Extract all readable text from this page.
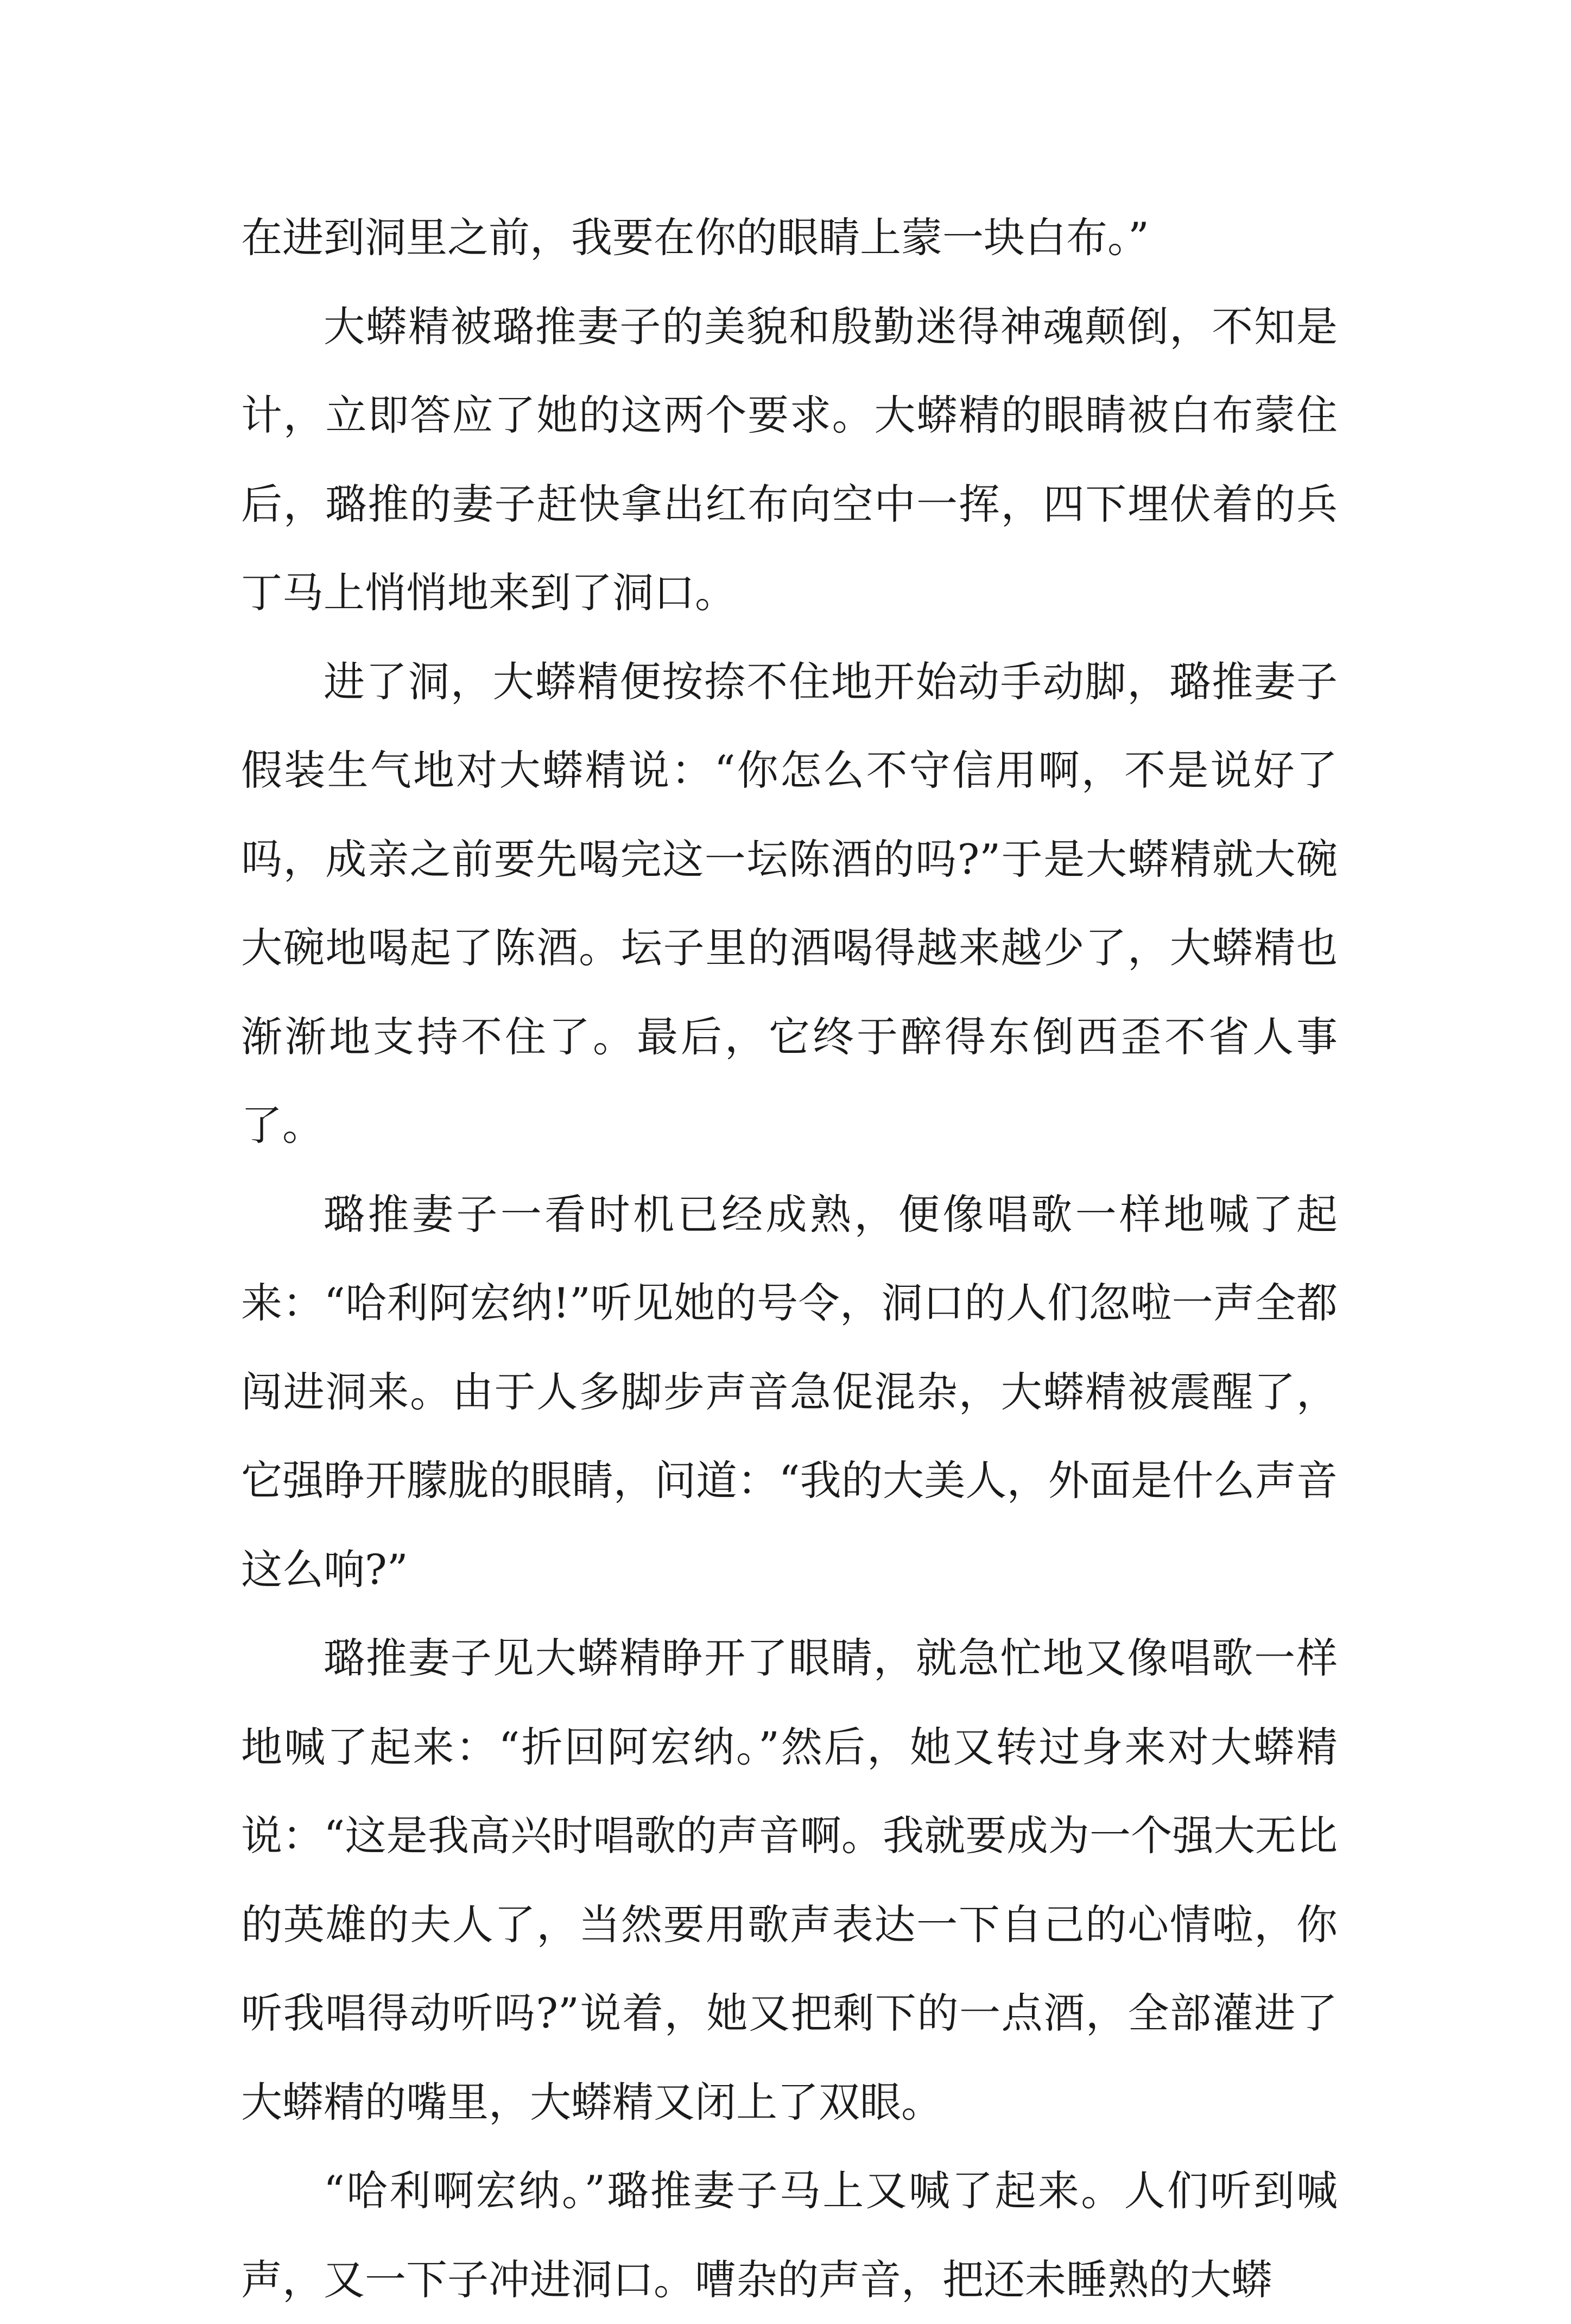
在进到洞里之前，我要在你的眼睛上蒙一块白布。”

大蟒精被璐推妻子的美貌和殷勤迷得神魂颠倒，不知是计，立即答应了她的这两个要求。大蟒精的眼睛被白布蒙住后，璐推的妻子赶快拿出红布向空中一挥，四下埋伏着的兵丁马上悄悄地来到了洞口。

进了洞，大蟒精便按捺不住地开始动手动脚，璐推妻子假装生气地对大蟒精说：“你怎么不守信用啊，不是说好了吗，成亲之前要先喝完这一坛陈酒的吗?”于是大蟒精就大碗大碗地喝起了陈酒。坛子里的酒喝得越来越少了，大蟒精也渐渐地支持不住了。最后，它终于醉得东倒西歪不省人事了。

璐推妻子一看时机已经成熟，便像唱歌一样地喊了起来：“哈利阿宏纳!”听见她的号令，洞口的人们忽啦一声全都闯进洞来。由于人多脚步声音急促混杂，大蟒精被震醒了，它强睁开朦胧的眼睛，问道：“我的大美人，外面是什么声音这么响?”

璐推妻子见大蟒精睁开了眼睛，就急忙地又像唱歌一样地喊了起来：“折回阿宏纳。”然后，她又转过身来对大蟒精说：“这是我高兴时唱歌的声音啊。我就要成为一个强大无比的英雄的夫人了，当然要用歌声表达一下自己的心情啦，你听我唱得动听吗?”说着，她又把剩下的一点酒，全部灌进了大蟒精的嘴里，大蟒精又闭上了双眼。

“哈利啊宏纳。”璐推妻子马上又喊了起来。人们听到喊声，又一下子冲进洞口。嘈杂的声音，把还未睡熟的大蟒
